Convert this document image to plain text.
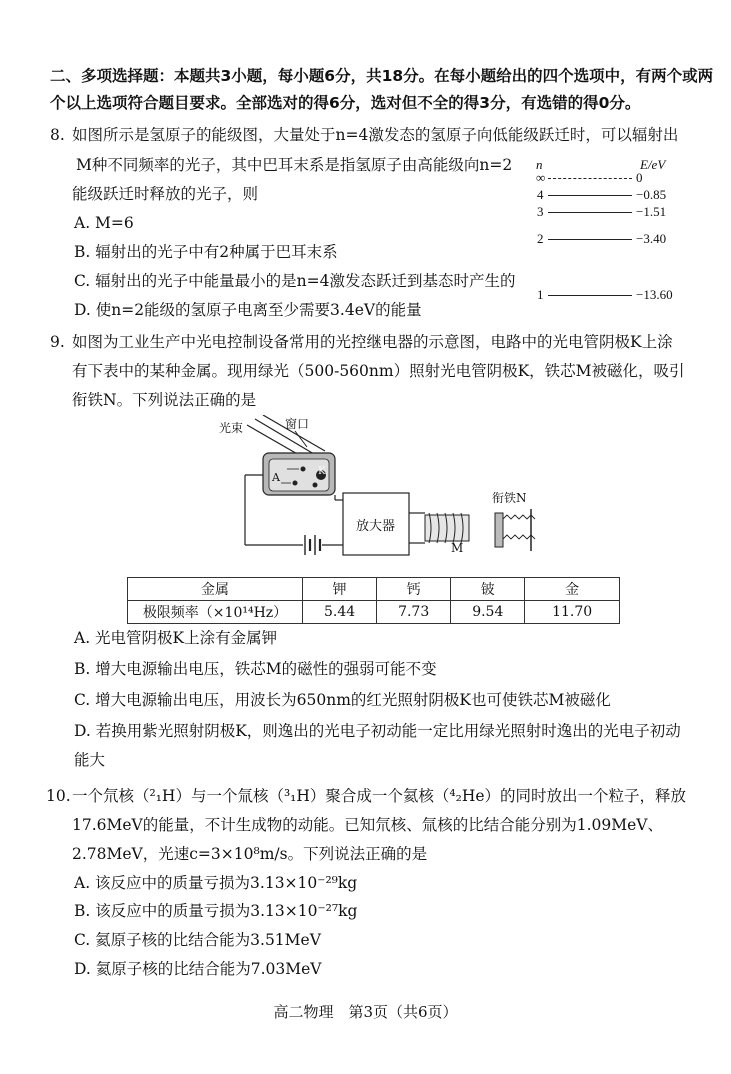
二、多项选择题：本题共3小题，每小题6分，共18分。在每小题给出的四个选项中，有两个或两
个以上选项符合题目要求。全部选对的得6分，选对但不全的得3分，有选错的得0分。
8. 如图所示是氢原子的能级图，大量处于n=4激发态的氢原子向低能级跃迁时，可以辐射出
M种不同频率的光子，其中巴耳末系是指氢原子由高能级向n=2
能级跃迁时释放的光子，则
A. M=6
B. 辐射出的光子中有2种属于巴耳末系
C. 辐射出的光子中能量最小的是n=4激发态跃迁到基态时产生的
D. 使n=2能级的氢原子电离至少需要3.4eV的能量
n	E/eV
∞	0
4	−0.85
3	−1.51
2	−3.40
1	−13.60
9. 如图为工业生产中光电控制设备常用的光控继电器的示意图，电路中的光电管阴极K上涂
有下表中的某种金属。现用绿光（500-560nm）照射光电管阴极K，铁芯M被磁化，吸引
衔铁N。下列说法正确的是
光束	窗口
A	K
放大器
M
衔铁N
金属	钾	钙	铍	金
极限频率（×10¹⁴Hz）	5.44	7.73	9.54	11.70
A. 光电管阴极K上涂有金属钾
B. 增大电源输出电压，铁芯M的磁性的强弱可能不变
C. 增大电源输出电压，用波长为650nm的红光照射阴极K也可使铁芯M被磁化
D. 若换用紫光照射阴极K，则逸出的光电子初动能一定比用绿光照射时逸出的光电子初动
能大
10. 一个氘核（²₁H）与一个氚核（³₁H）聚合成一个氦核（⁴₂He）的同时放出一个粒子，释放
17.6MeV的能量，不计生成物的动能。已知氘核、氚核的比结合能分别为1.09MeV、
2.78MeV，光速c=3×10⁸m/s。下列说法正确的是
A. 该反应中的质量亏损为3.13×10⁻²⁹kg
B. 该反应中的质量亏损为3.13×10⁻²⁷kg
C. 氦原子核的比结合能为3.51MeV
D. 氦原子核的比结合能为7.03MeV
高二物理　第3页（共6页）
